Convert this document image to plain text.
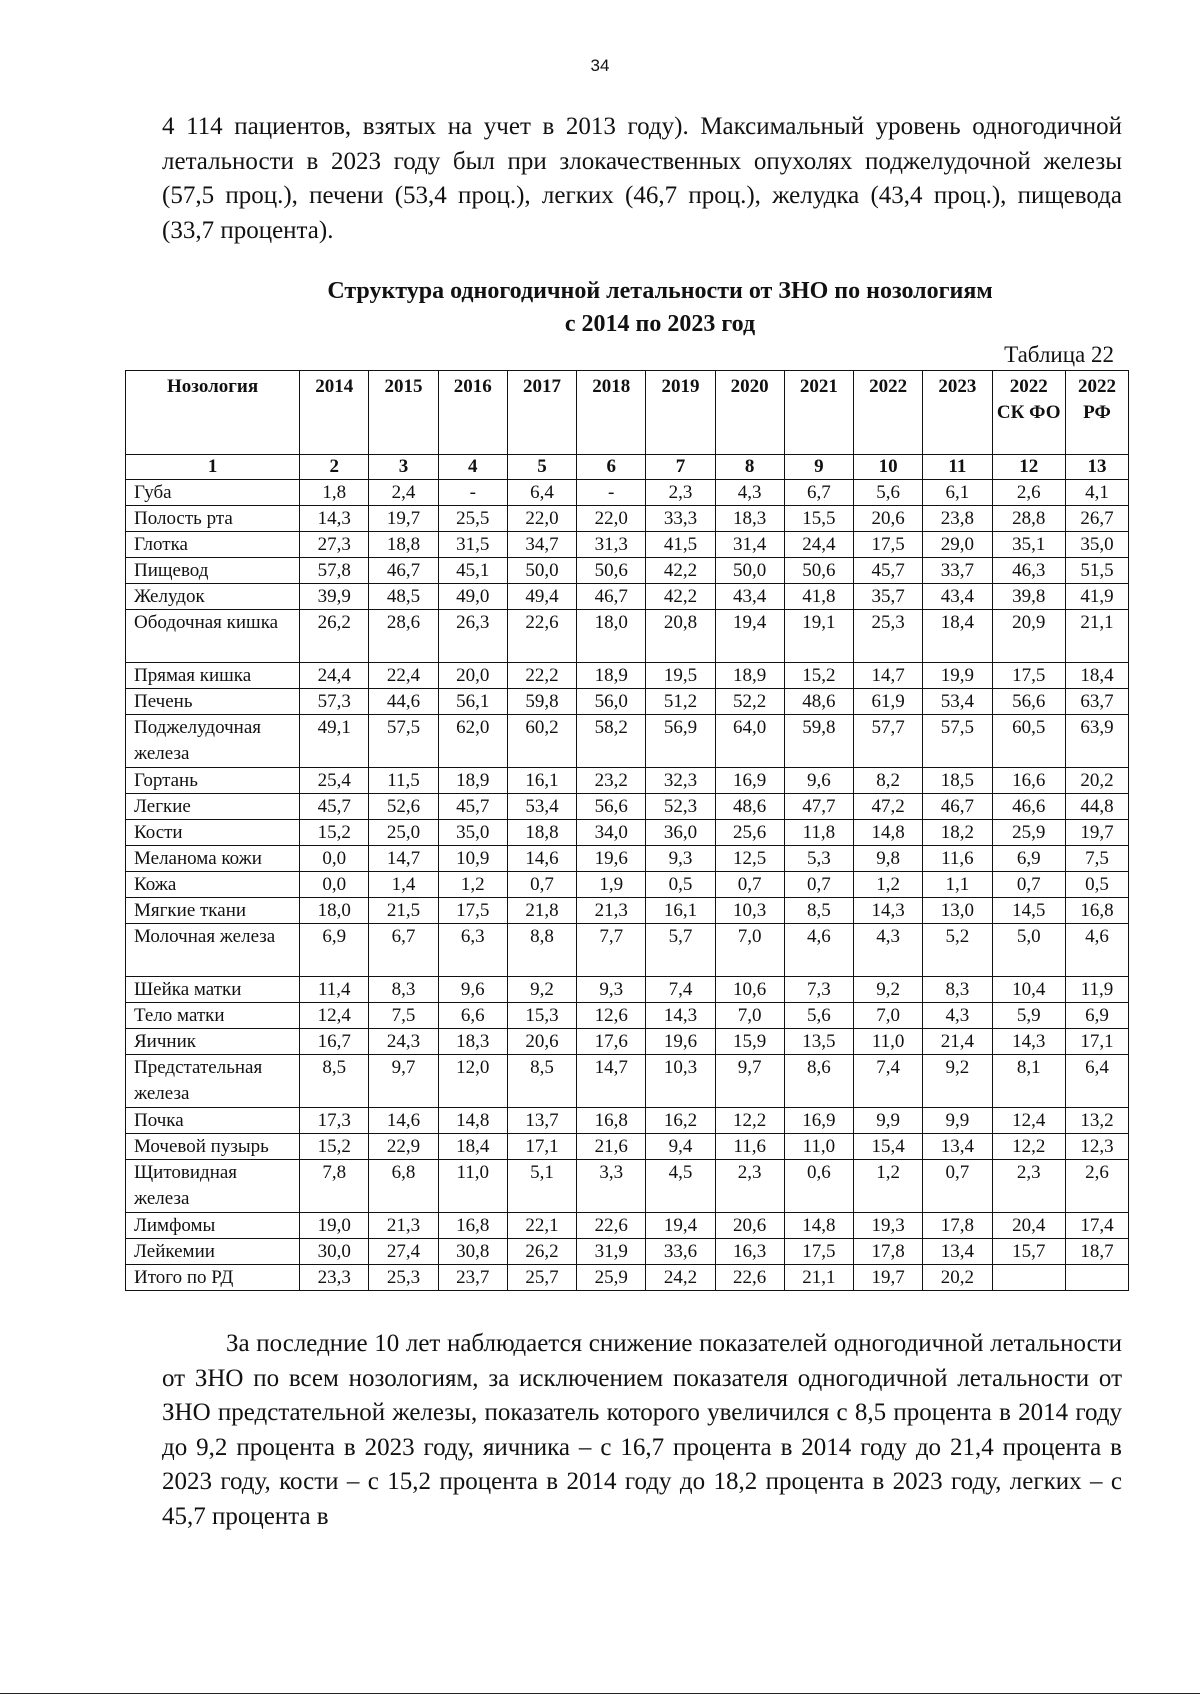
34

4 114 пациентов, взятых на учет в 2013 году). Максимальный уровень одногодичной летальности в 2023 году был при злокачественных опухолях поджелудочной железы (57,5 проц.), печени (53,4 проц.), легких (46,7 проц.), желудка (43,4 проц.), пищевода (33,7 процента).

Структура одногодичной летальности от ЗНО по нозологиям
с 2014 по 2023 год
Таблица 22
Нозология	2014	2015	2016	2017	2018	2019	2020	2021	2022	2023	2022 СК ФО	2022 РФ
1	2	3	4	5	6	7	8	9	10	11	12	13
Губа	1,8	2,4	-	6,4	-	2,3	4,3	6,7	5,6	6,1	2,6	4,1
Полость рта	14,3	19,7	25,5	22,0	22,0	33,3	18,3	15,5	20,6	23,8	28,8	26,7
Глотка	27,3	18,8	31,5	34,7	31,3	41,5	31,4	24,4	17,5	29,0	35,1	35,0
Пищевод	57,8	46,7	45,1	50,0	50,6	42,2	50,0	50,6	45,7	33,7	46,3	51,5
Желудок	39,9	48,5	49,0	49,4	46,7	42,2	43,4	41,8	35,7	43,4	39,8	41,9
Ободочная кишка	26,2	28,6	26,3	22,6	18,0	20,8	19,4	19,1	25,3	18,4	20,9	21,1
Прямая кишка	24,4	22,4	20,0	22,2	18,9	19,5	18,9	15,2	14,7	19,9	17,5	18,4
Печень	57,3	44,6	56,1	59,8	56,0	51,2	52,2	48,6	61,9	53,4	56,6	63,7
Поджелудочная железа	49,1	57,5	62,0	60,2	58,2	56,9	64,0	59,8	57,7	57,5	60,5	63,9
Гортань	25,4	11,5	18,9	16,1	23,2	32,3	16,9	9,6	8,2	18,5	16,6	20,2
Легкие	45,7	52,6	45,7	53,4	56,6	52,3	48,6	47,7	47,2	46,7	46,6	44,8
Кости	15,2	25,0	35,0	18,8	34,0	36,0	25,6	11,8	14,8	18,2	25,9	19,7
Меланома кожи	0,0	14,7	10,9	14,6	19,6	9,3	12,5	5,3	9,8	11,6	6,9	7,5
Кожа	0,0	1,4	1,2	0,7	1,9	0,5	0,7	0,7	1,2	1,1	0,7	0,5
Мягкие ткани	18,0	21,5	17,5	21,8	21,3	16,1	10,3	8,5	14,3	13,0	14,5	16,8
Молочная железа	6,9	6,7	6,3	8,8	7,7	5,7	7,0	4,6	4,3	5,2	5,0	4,6
Шейка матки	11,4	8,3	9,6	9,2	9,3	7,4	10,6	7,3	9,2	8,3	10,4	11,9
Тело матки	12,4	7,5	6,6	15,3	12,6	14,3	7,0	5,6	7,0	4,3	5,9	6,9
Яичник	16,7	24,3	18,3	20,6	17,6	19,6	15,9	13,5	11,0	21,4	14,3	17,1
Предстательная железа	8,5	9,7	12,0	8,5	14,7	10,3	9,7	8,6	7,4	9,2	8,1	6,4
Почка	17,3	14,6	14,8	13,7	16,8	16,2	12,2	16,9	9,9	9,9	12,4	13,2
Мочевой пузырь	15,2	22,9	18,4	17,1	21,6	9,4	11,6	11,0	15,4	13,4	12,2	12,3
Щитовидная железа	7,8	6,8	11,0	5,1	3,3	4,5	2,3	0,6	1,2	0,7	2,3	2,6
Лимфомы	19,0	21,3	16,8	22,1	22,6	19,4	20,6	14,8	19,3	17,8	20,4	17,4
Лейкемии	30,0	27,4	30,8	26,2	31,9	33,6	16,3	17,5	17,8	13,4	15,7	18,7
Итого по РД	23,3	25,3	23,7	25,7	25,9	24,2	22,6	21,1	19,7	20,2		

За последние 10 лет наблюдается снижение показателей одногодичной летальности от ЗНО по всем нозологиям, за исключением показателя одногодичной летальности от ЗНО предстательной железы, показатель которого увеличился с 8,5 процента в 2014 году до 9,2 процента в 2023 году, яичника – с 16,7 процента в 2014 году до 21,4 процента в 2023 году, кости – с 15,2 процента в 2014 году до 18,2 процента в 2023 году, легких – с 45,7 процента в
